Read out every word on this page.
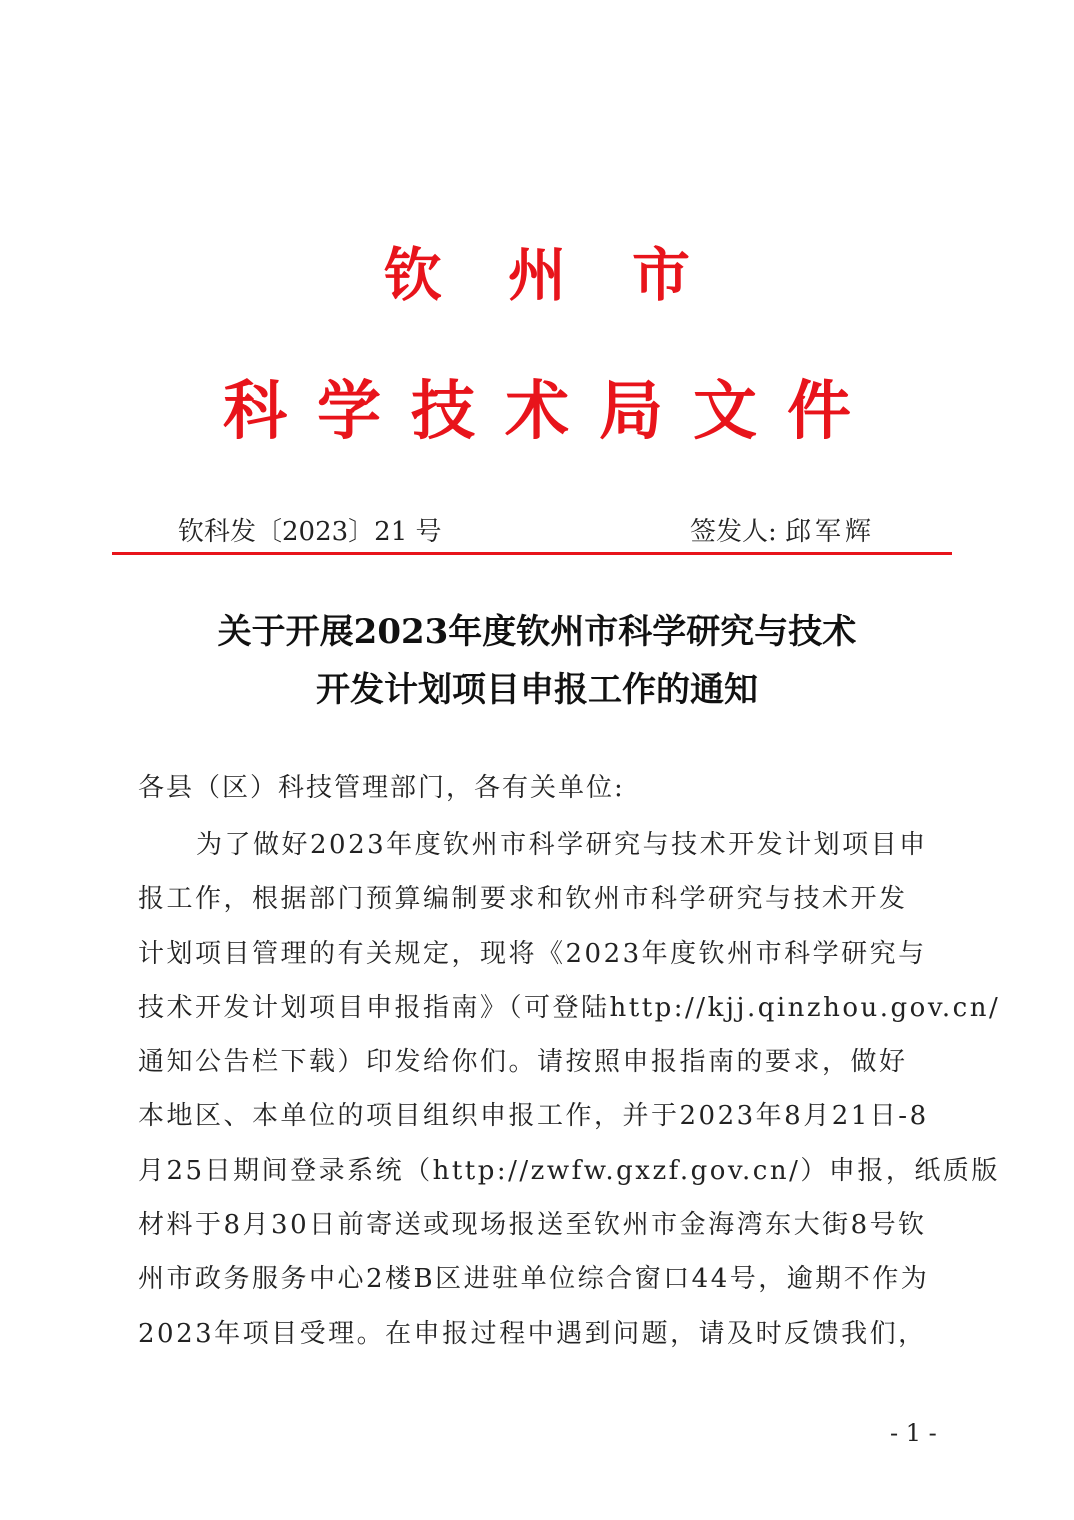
钦州市
科学技术局文件
钦科发〔2023〕21 号	签发人: 邱军辉
关于开展2023年度钦州市科学研究与技术
开发计划项目申报工作的通知
各县（区）科技管理部门，各有关单位:
为了做好2023年度钦州市科学研究与技术开发计划项目申
报工作，根据部门预算编制要求和钦州市科学研究与技术开发
计划项目管理的有关规定，现将《2023年度钦州市科学研究与
技术开发计划项目申报指南》（可登陆http://kjj.qinzhou.gov.cn/
通知公告栏下载）印发给你们。请按照申报指南的要求，做好
本地区、本单位的项目组织申报工作，并于2023年8月21日-8
月25日期间登录系统（http://zwfw.gxzf.gov.cn/）申报，纸质版
材料于8月30日前寄送或现场报送至钦州市金海湾东大街8号钦
州市政务服务中心2楼B区进驻单位综合窗口44号，逾期不作为
2023年项目受理。在申报过程中遇到问题，请及时反馈我们，
- 1 -
